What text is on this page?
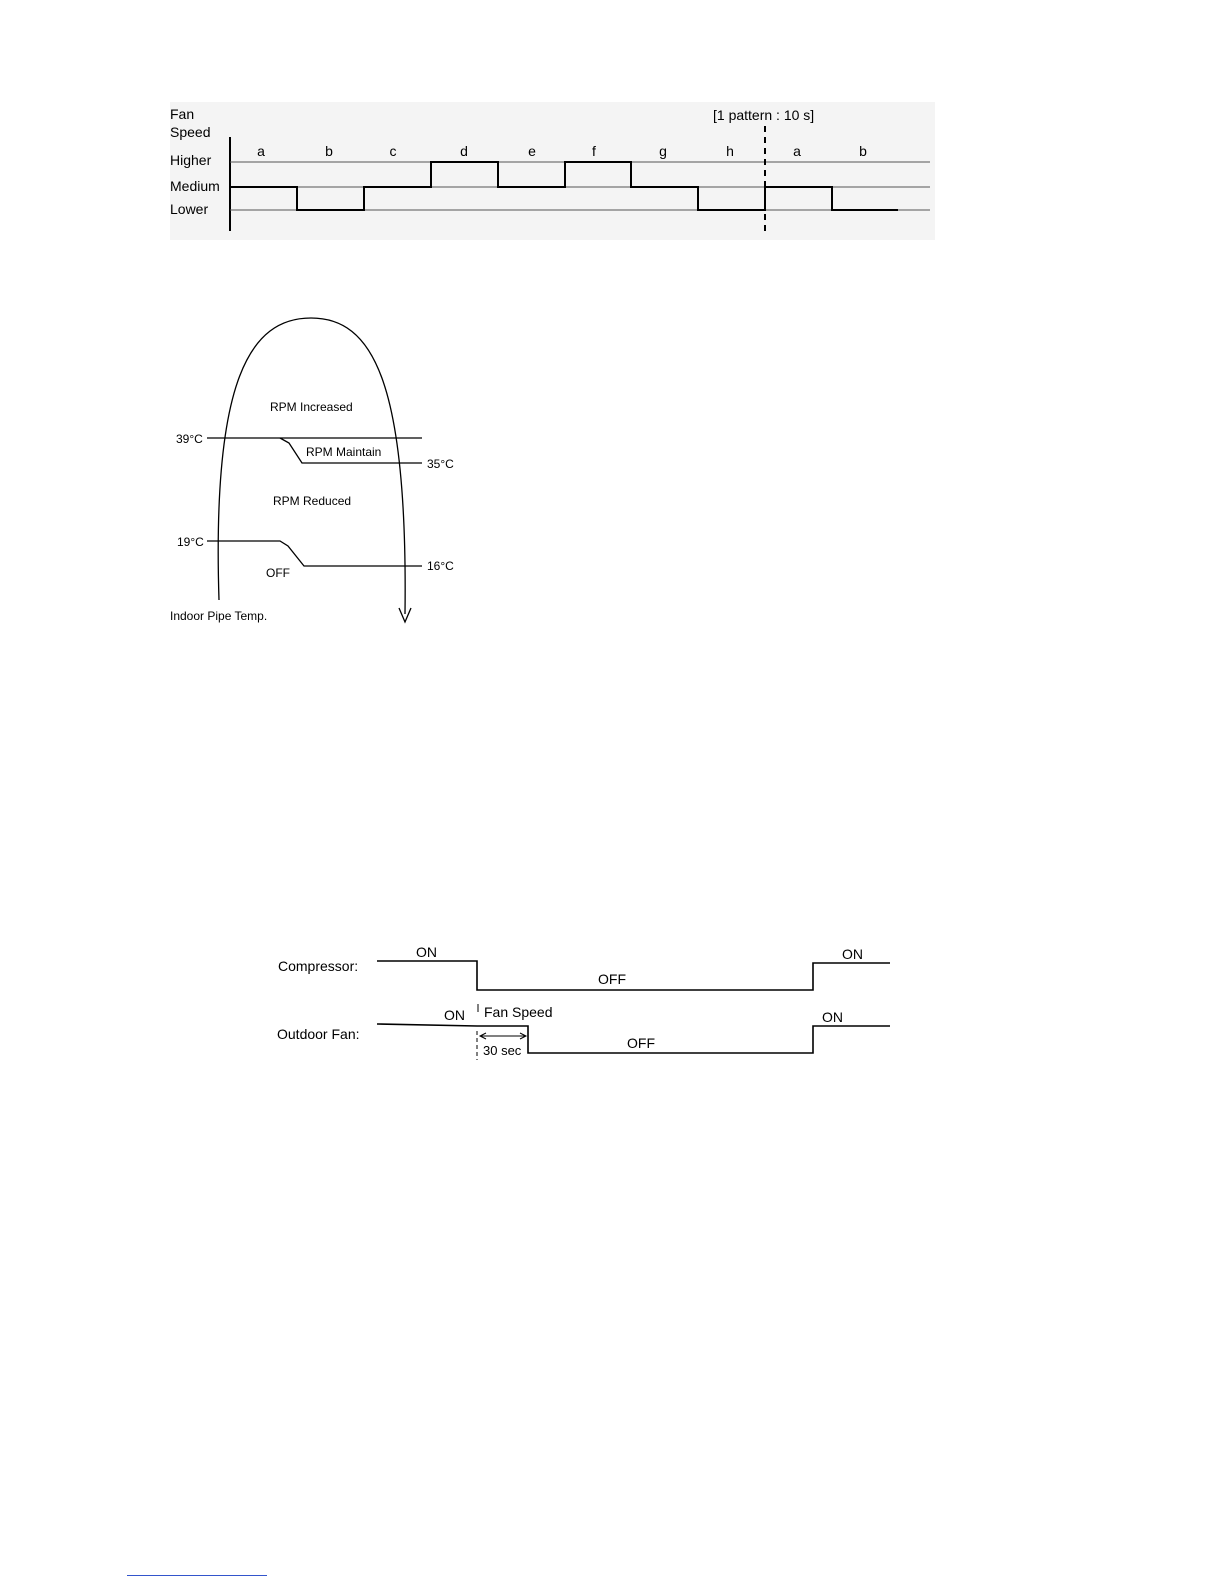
Fan
Speed
Higher
Medium
Lower
[1 pattern : 10 s]
a	b	c	d	e	f	g	h	a	b
39°C
35°C
19°C
16°C
RPM Increased
RPM Maintain
RPM Reduced
OFF
Indoor Pipe Temp.
Compressor:
Outdoor Fan:
ON
OFF
ON
ON Fan Speed
30 sec	OFF
ON
